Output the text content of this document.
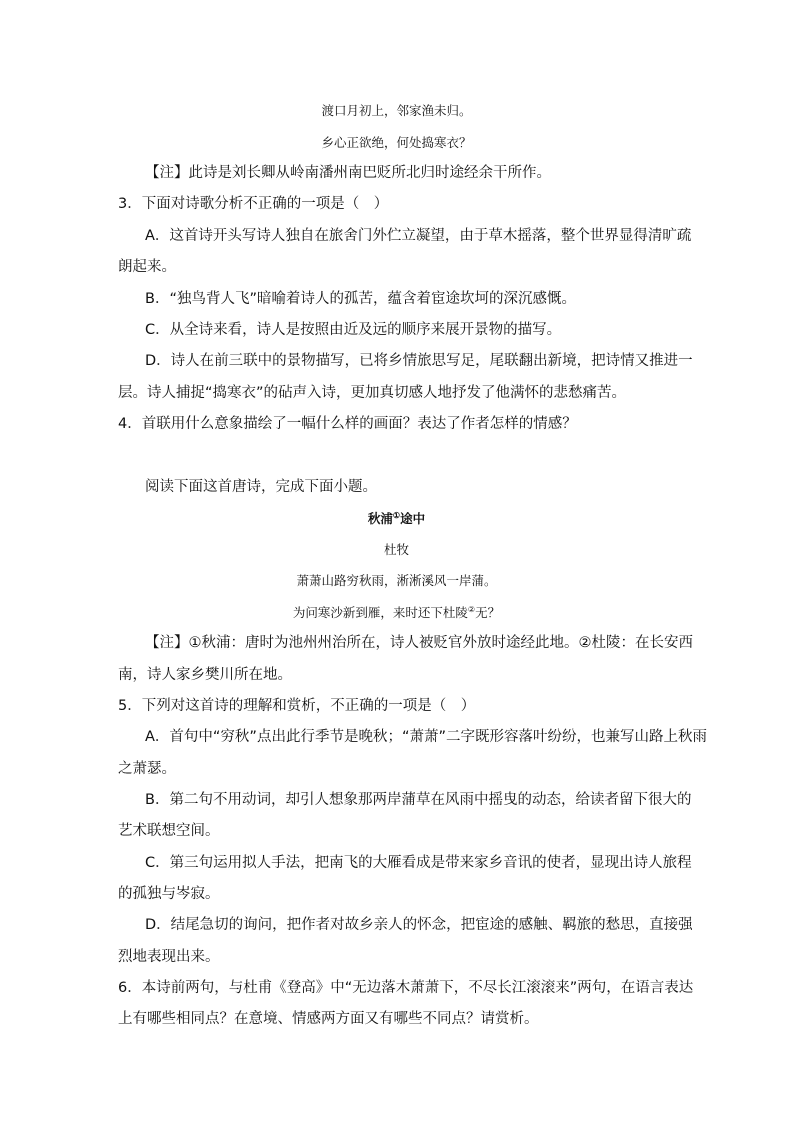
渡口月初上，邻家渔未归。
乡心正欲绝，何处捣寒衣？
【注】此诗是刘长卿从岭南潘州南巴贬所北归时途经余干所作。
3．下面对诗歌分析不正确的一项是（　）
A．这首诗开头写诗人独自在旅舍门外伫立凝望，由于草木摇落，整个世界显得清旷疏
朗起来。
B．“独鸟背人飞”暗喻着诗人的孤苦，蕴含着宦途坎坷的深沉感慨。
C．从全诗来看，诗人是按照由近及远的顺序来展开景物的描写。
D．诗人在前三联中的景物描写，已将乡情旅思写足，尾联翻出新境，把诗情又推进一
层。诗人捕捉“捣寒衣”的砧声入诗，更加真切感人地抒发了他满怀的悲愁痛苦。
4．首联用什么意象描绘了一幅什么样的画面？表达了作者怎样的情感？
阅读下面这首唐诗，完成下面小题。
秋浦①途中
杜牧
萧萧山路穷秋雨，淅淅溪风一岸蒲。
为问寒沙新到雁，来时还下杜陵②无？
【注】①秋浦：唐时为池州州治所在，诗人被贬官外放时途经此地。②杜陵：在长安西
南，诗人家乡樊川所在地。
5．下列对这首诗的理解和赏析，不正确的一项是（　）
A．首句中“穷秋”点出此行季节是晚秋；“萧萧”二字既形容落叶纷纷，也兼写山路上秋雨
之萧瑟。
B．第二句不用动词，却引人想象那两岸蒲草在风雨中摇曳的动态，给读者留下很大的
艺术联想空间。
C．第三句运用拟人手法，把南飞的大雁看成是带来家乡音讯的使者，显现出诗人旅程
的孤独与岑寂。
D．结尾急切的询问，把作者对故乡亲人的怀念，把宦途的感触、羁旅的愁思，直接强
烈地表现出来。
6．本诗前两句，与杜甫《登高》中“无边落木萧萧下，不尽长江滚滚来”两句，在语言表达
上有哪些相同点？在意境、情感两方面又有哪些不同点？请赏析。
